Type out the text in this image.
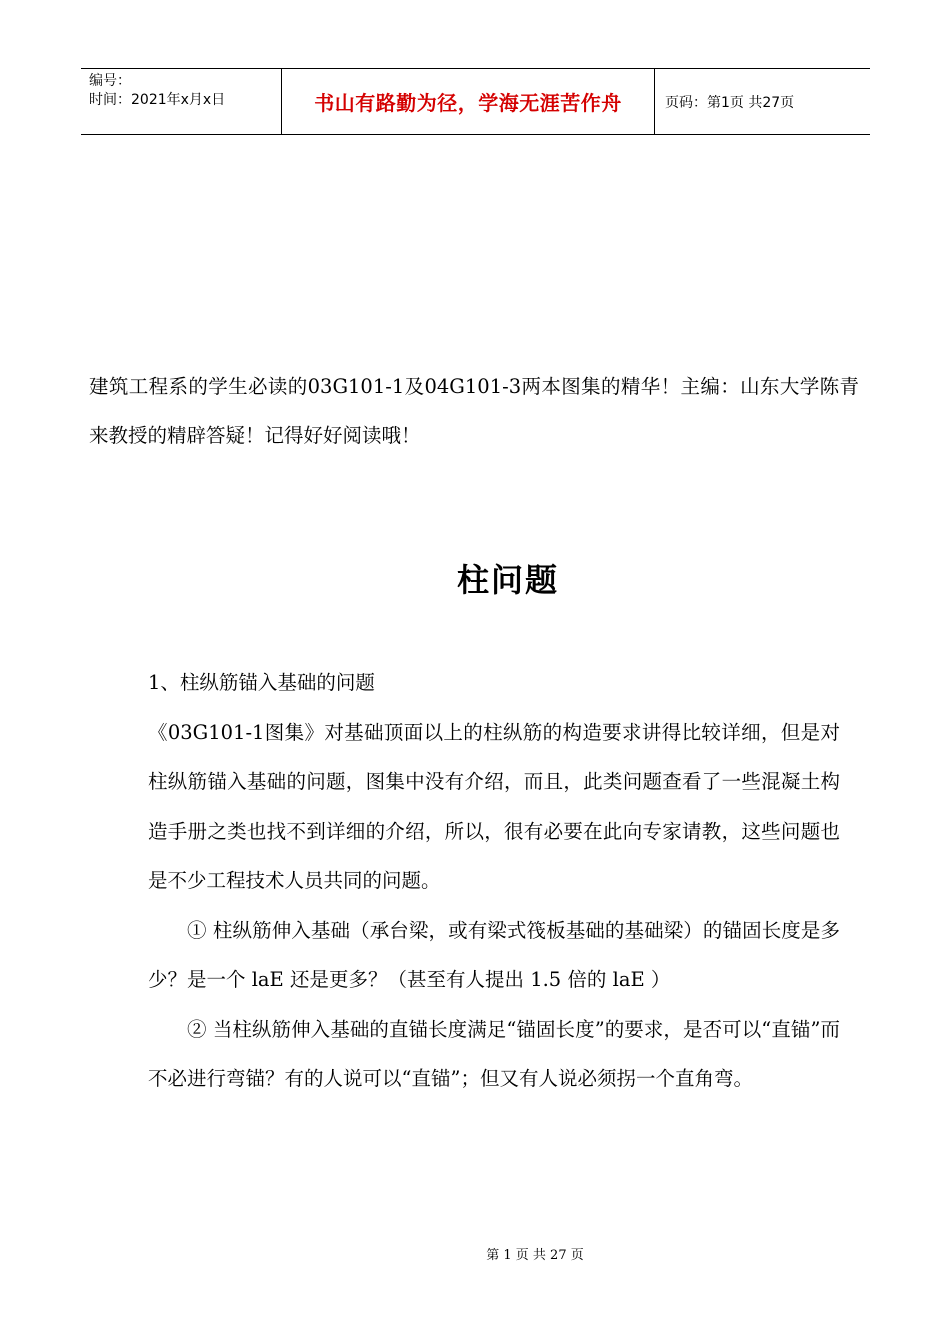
编号：
时间：2021年x月x日	书山有路勤为径，学海无涯苦作舟	页码：第1页 共27页
建筑工程系的学生必读的03G101-1及04G101-3两本图集的精华！主编：山东大学陈青来教授的精辟答疑！记得好好阅读哦！
柱问题

1、柱纵筋锚入基础的问题

《03G101-1图集》对基础顶面以上的柱纵筋的构造要求讲得比较详细，但是对柱纵筋锚入基础的问题，图集中没有介绍，而且，此类问题查看了一些混凝土构造手册之类也找不到详细的介绍，所以，很有必要在此向专家请教，这些问题也是不少工程技术人员共同的问题。

① 柱纵筋伸入基础（承台梁，或有梁式筏板基础的基础梁）的锚固长度是多少？是一个 laE 还是更多？（甚至有人提出 1.5 倍的 laE ）

② 当柱纵筋伸入基础的直锚长度满足“锚固长度”的要求，是否可以“直锚”而不必进行弯锚？有的人说可以“直锚”；但又有人说必须拐一个直角弯。

第 1 页 共 27 页
